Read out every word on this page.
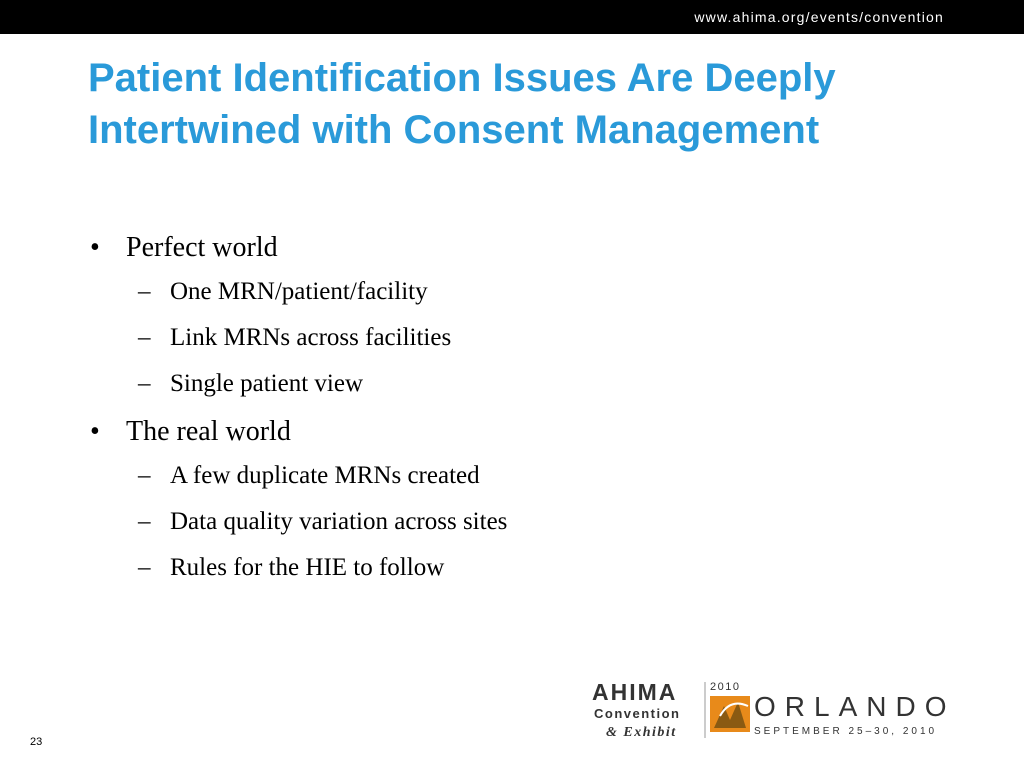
www.ahima.org/events/convention
Patient Identification Issues Are Deeply
Intertwined with Consent Management
• Perfect world
– One MRN/patient/facility
– Link MRNs across facilities
– Single patient view
• The real world
– A few duplicate MRNs created
– Data quality variation across sites
– Rules for the HIE to follow
AHIMA
Convention
& Exhibit
2010
ORLANDO
SEPTEMBER 25–30, 2010
23
